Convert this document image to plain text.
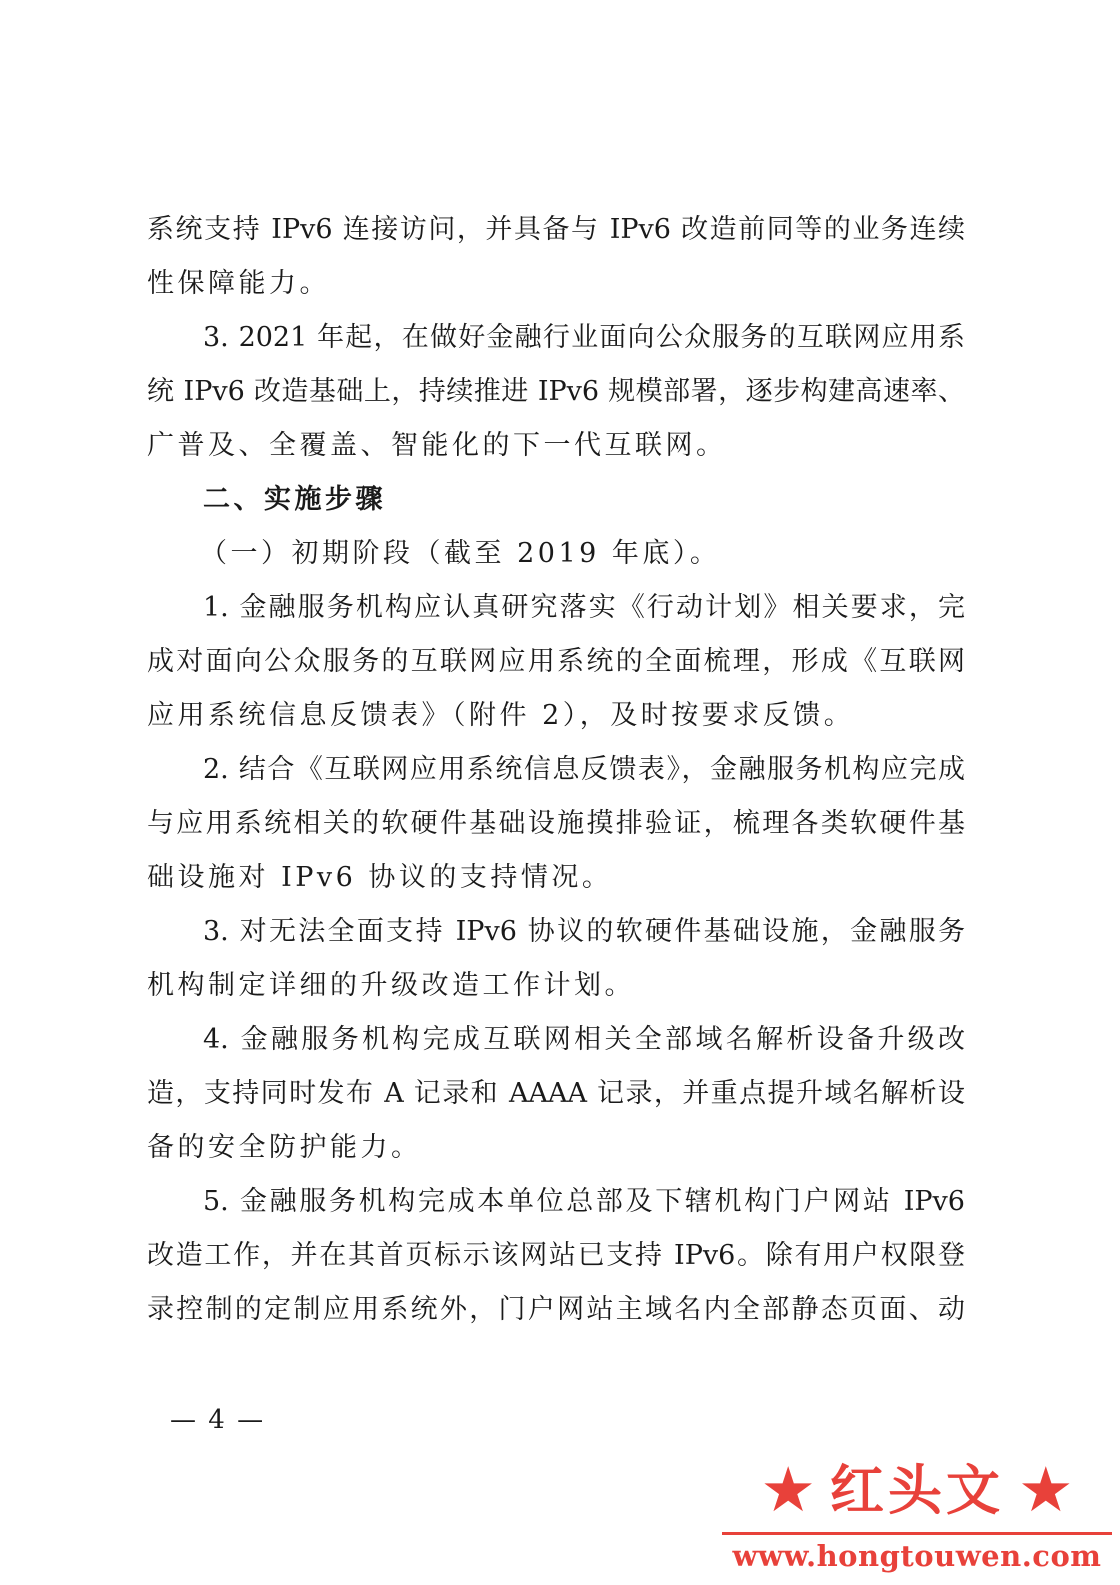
系统支持 IPv6 连接访问，并具备与 IPv6 改造前同等的业务连续
性保障能力。
3. 2021 年起，在做好金融行业面向公众服务的互联网应用系
统 IPv6 改造基础上，持续推进 IPv6 规模部署，逐步构建高速率、
广普及、全覆盖、智能化的下一代互联网。
二、实施步骤
（一）初期阶段（截至 2019 年底）。
1. 金融服务机构应认真研究落实《行动计划》相关要求，完
成对面向公众服务的互联网应用系统的全面梳理，形成《互联网
应用系统信息反馈表》（附件 2），及时按要求反馈。
2. 结合《互联网应用系统信息反馈表》，金融服务机构应完成
与应用系统相关的软硬件基础设施摸排验证，梳理各类软硬件基
础设施对 IPv6 协议的支持情况。
3. 对无法全面支持 IPv6 协议的软硬件基础设施，金融服务
机构制定详细的升级改造工作计划。
4. 金融服务机构完成互联网相关全部域名解析设备升级改
造，支持同时发布 A 记录和 AAAA 记录，并重点提升域名解析设
备的安全防护能力。
5. 金融服务机构完成本单位总部及下辖机构门户网站 IPv6
改造工作，并在其首页标示该网站已支持 IPv6。除有用户权限登
录控制的定制应用系统外，门户网站主域名内全部静态页面、动
— 4 —
★ 红头文 ★
www.hongtouwen.com
